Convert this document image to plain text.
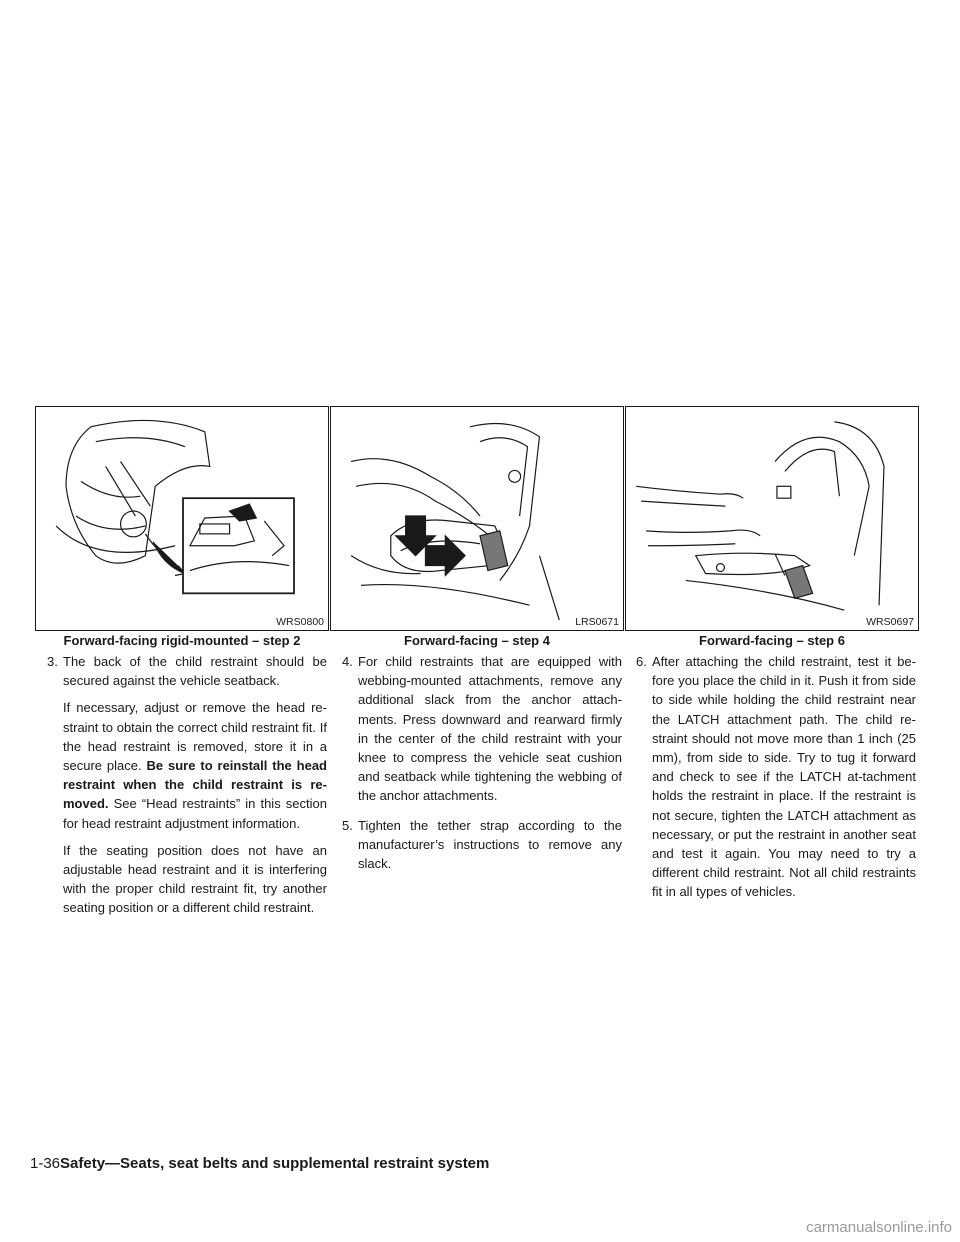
WRS0800
Forward-facing rigid-mounted – step 2
LRS0671
Forward-facing – step 4
WRS0697
Forward-facing – step 6
3. The back of the child restraint should be secured against the vehicle seatback.

If necessary, adjust or remove the head re-straint to obtain the correct child restraint fit. If the head restraint is removed, store it in a secure place. Be sure to reinstall the head restraint when the child restraint is re-moved. See “Head restraints” in this section for head restraint adjustment information.

If the seating position does not have an adjustable head restraint and it is interfering with the proper child restraint fit, try another seating position or a different child restraint.

4. For child restraints that are equipped with webbing-mounted attachments, remove any additional slack from the anchor attach-ments. Press downward and rearward firmly in the center of the child restraint with your knee to compress the vehicle seat cushion and seatback while tightening the webbing of the anchor attachments.
5. Tighten the tether strap according to the manufacturer’s instructions to remove any slack.
6. After attaching the child restraint, test it be-fore you place the child in it. Push it from side to side while holding the child restraint near the LATCH attachment path. The child re-straint should not move more than 1 inch (25 mm), from side to side. Try to tug it forward and check to see if the LATCH at-tachment holds the restraint in place. If the restraint is not secure, tighten the LATCH attachment as necessary, or put the restraint in another seat and test it again. You may need to try a different child restraint. Not all child restraints fit in all types of vehicles.
1-36Safety—Seats, seat belts and supplemental restraint system
carmanualsonline.info
